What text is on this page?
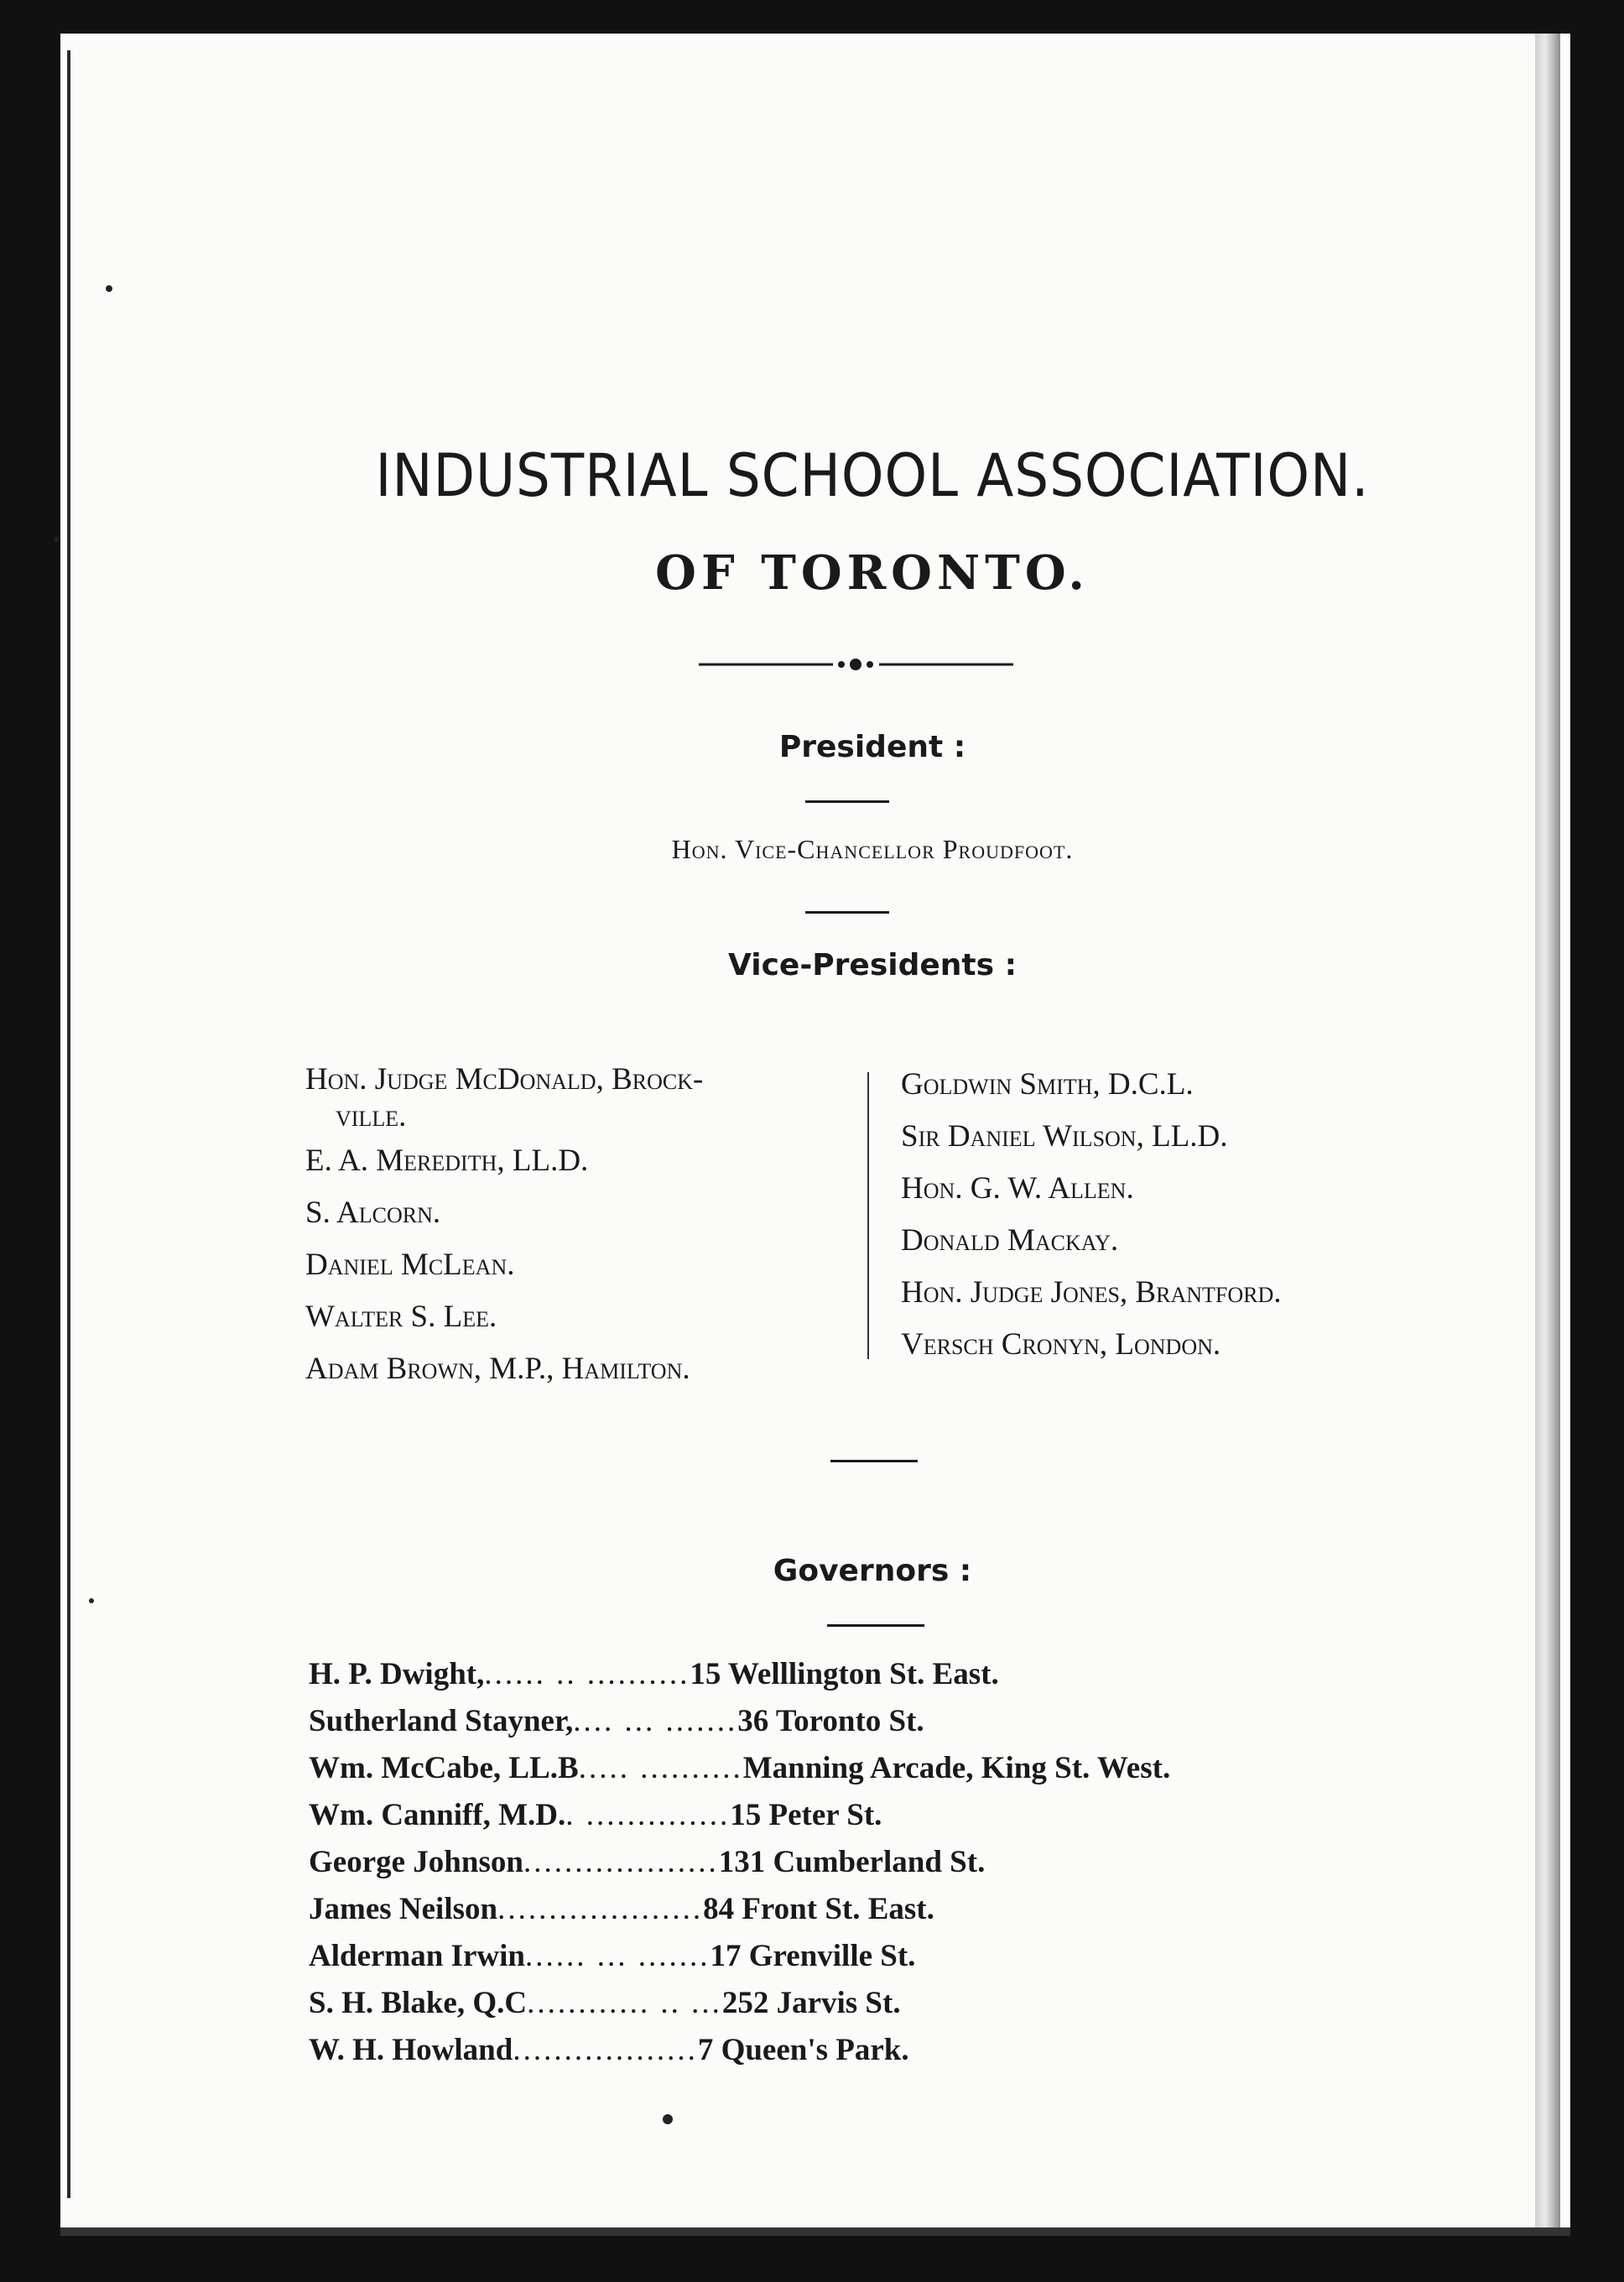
INDUSTRIAL SCHOOL ASSOCIATION.
OF TORONTO.
President :
Hon. Vice-Chancellor Proudfoot.
Vice-Presidents :
Hon. Judge McDonald, Brock-
ville.
E. A. Meredith, LL.D.
S. Alcorn.
Daniel McLean.
Walter S. Lee.
Adam Brown, M.P., Hamilton.
Goldwin Smith, D.C.L.
Sir Daniel Wilson, LL.D.
Hon. G. W. Allen.
Donald Mackay.
Hon. Judge Jones, Brantford.
Versch Cronyn, London.
Governors :
H. P. Dwight, ...... .. .......... 15 Welllington St. East.
Sutherland Stayner, .... ... ....... 36 Toronto St.
Wm. McCabe, LL.B ..... .......... Manning Arcade, King St. West.
Wm. Canniff, M.D. . .............. 15 Peter St.
George Johnson ................... 131 Cumberland St.
James Neilson .................... 84 Front St. East.
Alderman Irwin ...... ... ....... 17 Grenville St.
S. H. Blake, Q.C ............ .. ... 252 Jarvis St.
W. H. Howland .................. 7 Queen's Park.
